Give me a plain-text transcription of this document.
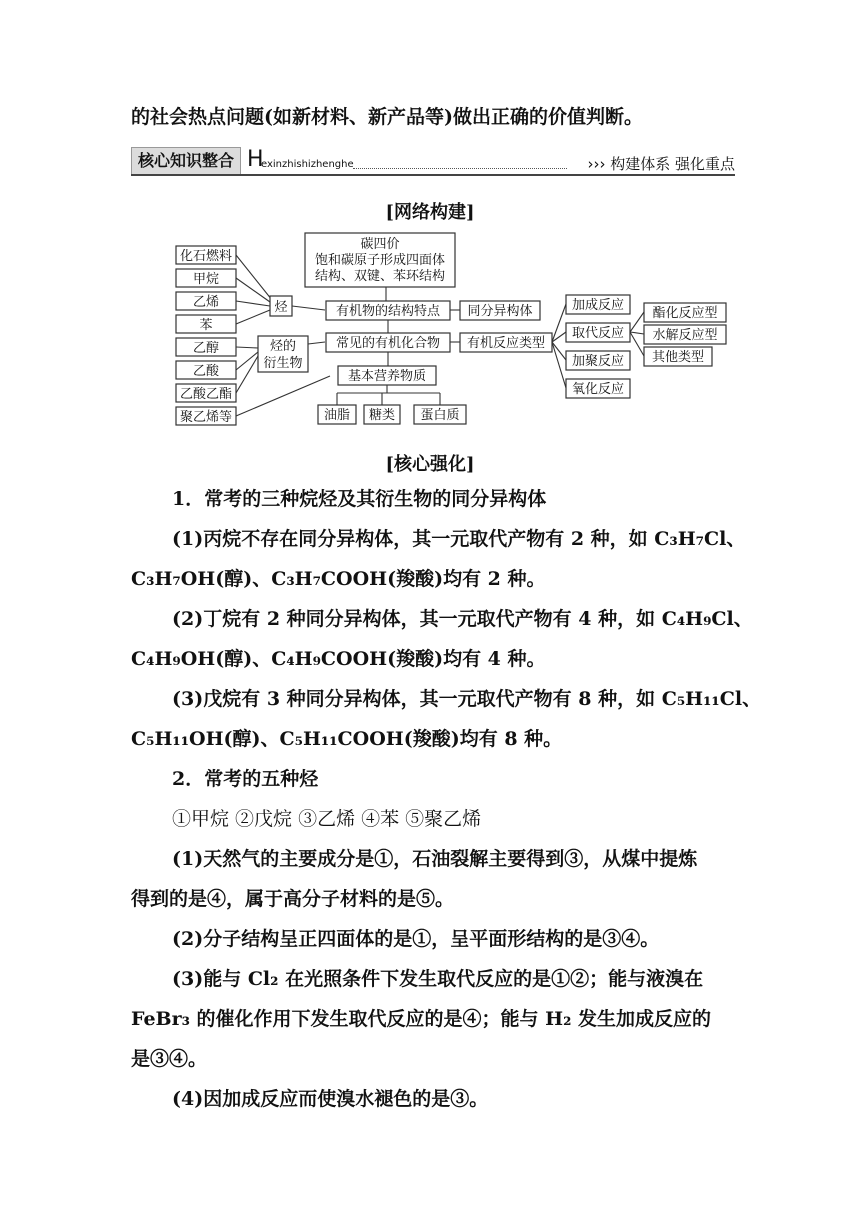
的社会热点问题(如新材料、新产品等)做出正确的价值判断。
核心知识整合 H
exinzhishizhenghe	››› 构建体系 强化重点
[网络构建]
化石燃料
甲烷
乙烯
苯
乙醇
乙酸
乙酸乙酯
聚乙烯等
烃
烃的
衍生物
碳四价
饱和碳原子形成四面体
结构、双键、苯环结构
有机物的结构特点 同分异构体
常见的有机化合物 有机反应类型
基本营养物质
油脂 糖类 蛋白质
加成反应
取代反应
加聚反应
氧化反应
酯化反应型
水解反应型
其他类型
[核心强化]
1．常考的三种烷烃及其衍生物的同分异构体
(1)丙烷不存在同分异构体，其一元取代产物有 2 种，如 C₃H₇Cl、
C₃H₇OH(醇)、C₃H₇COOH(羧酸)均有 2 种。
(2)丁烷有 2 种同分异构体，其一元取代产物有 4 种，如 C₄H₉Cl、
C₄H₉OH(醇)、C₄H₉COOH(羧酸)均有 4 种。
(3)戊烷有 3 种同分异构体，其一元取代产物有 8 种，如 C₅H₁₁Cl、
C₅H₁₁OH(醇)、C₅H₁₁COOH(羧酸)均有 8 种。
2．常考的五种烃
①甲烷 ②戊烷 ③乙烯 ④苯 ⑤聚乙烯
(1)天然气的主要成分是①，石油裂解主要得到③，从煤中提炼
得到的是④，属于高分子材料的是⑤。
(2)分子结构呈正四面体的是①，呈平面形结构的是③④。
(3)能与 Cl₂ 在光照条件下发生取代反应的是①②；能与液溴在
FeBr₃ 的催化作用下发生取代反应的是④；能与 H₂ 发生加成反应的
是③④。
(4)因加成反应而使溴水褪色的是③。
